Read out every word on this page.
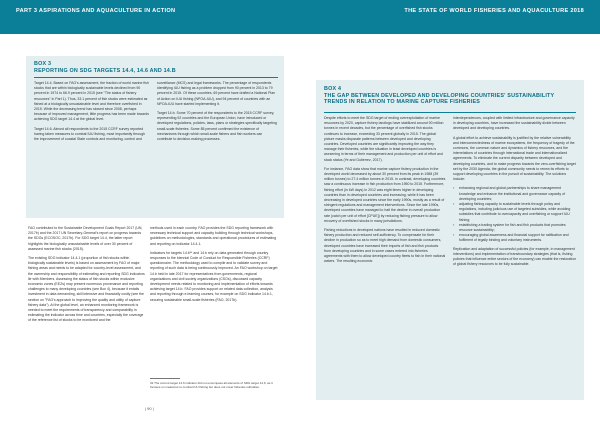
PART 3 ASPIRATIONS AND AQUACULTURE IN ACTION	THE STATE OF WORLD FISHERIES AND AQUACULTURE 2018

BOX 3

REPORTING ON SDG TARGETS 14.4, 14.6 AND 14.B

Target 14.4. Based on FAO's assessment, the fraction of world marine fish stocks that are within biologically sustainable levels declined from 90 percent in 1974 to 66.9 percent in 2015 (see "The status of fishery resources" in Part 1). Thus, 33.1 percent of fish stocks were estimated as fished at a biologically unsustainable level and therefore overfished in 2015. While the decreasing trend has slowed since 2008, perhaps because of improved management, little progress has been made towards achieving SDG target 14.4 at the global level.

Target 14.6. Almost all respondents to the 2015 CCRF survey reported having taken measures to combat IUU fishing, most importantly through the improvement of coastal State controls and monitoring, control and

surveillance (MCS) and legal frameworks. The percentage of respondents identifying IUU fishing as a problem dropped from 90 percent in 2013 to 79 percent in 2015. Of these countries, 69 percent have drafted a National Plan of Action on IUU fishing (NPOA-IUU), and 94 percent of countries with an NPOA-IUU have started implementing it.

Target 14.b. Some 70 percent of the respondents to the 2015 CCRF survey, representing 92 countries and the European Union, have introduced or developed regulations, policies, laws, plans or strategies specifically targeting small-scale fisheries. Some 85 percent confirmed the existence of mechanisms through which small-scale fishers and fish workers can contribute to decision-making processes.

FAO contributed to the Sustainable Development Goals Report 2017 (UN, 2017b) and the 2017 UN Secretary-General's report on progress towards the SDGs (ECOSOC, 2017b). For SDG target 14.4, the latter report highlights the biologically unsustainable levels of over 30 percent of assessed marine fish stocks (2015).

The existing SDG indicator 14.4.1 (proportion of fish stocks within biologically sustainable levels) is based on assessment by FAO of major fishing areas and needs to be adapted for country-level assessment, and the ownership and responsibility of estimating and reporting SDG indicators lie with Members. Assessing the status of fish stocks within exclusive economic zones (EEZs) may present numerous provenance and reporting challenges to many developing countries (see Box 4), because it entails investment in data demanding, skill intensive and financially costly (see the section on "FAO's approach to improving the quality and utility of capture fishery data"). At the global level, an enhanced monitoring framework is needed to meet the requirements of transparency and comparability in estimating the indicator across time and countries, especially the coverage of the reference list of stocks to be monitored and the

methods used in each country. FAO provides the SDG reporting framework with necessary technical support and capacity building through technical workshops, guidelines on methodologies, standards and operational procedures of estimating and reporting on indicator 14.4.1.

Indicators for targets 14.6** and 14.b rely on data generated through country responses to the biennial Code of Conduct for Responsible Fisheries (CCRF) questionnaire. The methodology used to compile and to validate survey and reporting of such data is being continuously improved. An FAO workshop on target 14.b held in late 2017 for representatives from governments, regional organizations and civil society organizations (CSOs), discussed capacity development needs related to monitoring and implementation of efforts towards achieving target 14.b. FAO provides support on related data collection, analysis and reporting through e-learning courses, for example on SDG indicator 14.b.1, securing sustainable small-scale fisheries (FAO, 2017b).

32 The current target 14.6 indicator did not encompass all elements of SDG target 14.6, as it focuses on measures to combat IUU fishing but does not cover fisheries subsidies.
| 90 |

BOX 4

THE GAP BETWEEN DEVELOPED AND DEVELOPING COUNTRIES' SUSTAINABILITY TRENDS IN RELATION TO MARINE CAPTURE FISHERIES

Despite efforts to meet the SDG target of ending overexploitation of marine resources by 2020, capture fishery landings have stabilized around 90 million tonnes in recent decades, but the percentage of overfished fish stocks continues to increase, exceeding 33 percent globally in 2015. The global picture masks disparate patterns between developed and developing countries. Developed countries are significantly improving the way they manage their fisheries, while the situation in least developed countries is worsening in terms of their management and production per unit of effort and stock status (Ye and Gutierrez, 2017).

For instance, FAO data show that marine capture fishery production in the developed world decreased by about 30 percent from its peak in 1988 (39 million tonnes) to 27.4 million tonnes in 2015. In contrast, developing countries saw a continuous increase in fish production from 1950 to 2015. Furthermore, fishing effort (in kW days) in 2012 was eight times higher in developing countries than in developed countries and increasing, while it has been decreasing in developed countries since the early 1990s, mostly as a result of stringent regulations and management interventions. Since the late 1990s, developed countries have managed to halt the decline in overall production rate (catch per unit of effort [CPUE]) by reducing fishing pressure to allow recovery of overfished stocks in many jurisdictions.

Fishing reductions in developed nations have resulted in reduced domestic fishery production and reduced self-sufficiency. To compensate for their decline in production so as to meet high demand from domestic consumers, developed countries have increased their imports of fish and fish products from developing countries and in some cases entered into fisheries agreements with them to allow developed country fleets to fish in their national waters. The resulting economic

interdependences, coupled with limited infrastructure and governance capacity in developing countries, have increased the sustainability divide between developed and developing countries.

A global effort to achieve sustainability is justified by the relative vulnerability and interconnectedness of marine ecosystems, the frequency of tragedy of the commons, the common nature and dynamics of fishery resources, and the interrelations of countries through international trade and internationalized agreements. To eliminate the current disparity between developed and developing countries, and to make progress towards the zero-overfishing target set by the 2030 Agenda, the global community needs to renew its efforts to support developing countries in the pursuit of sustainability. The solutions include:

▪ enhancing regional and global partnerships to share management knowledge and enhance the institutional and governance capacity of developing countries;
▪ adjusting fishing capacity to sustainable levels through policy and regulations, including judicious use of targeted subsidies, while avoiding subsidies that contribute to overcapacity and overfishing or support IUU fishing;
▪ establishing a trading system for fish and fish products that promotes resource sustainability;
▪ encouraging global awareness and financial support for ratification and fulfilment of legally binding and voluntary instruments.

Replication and adaptation of successful policies (for example, in management interventions) and implementation of transboundary strategies (that is, fishing policies that influence entire sectors of the economy) can enable the restoration of global fishery resources to be fully sustainable.
